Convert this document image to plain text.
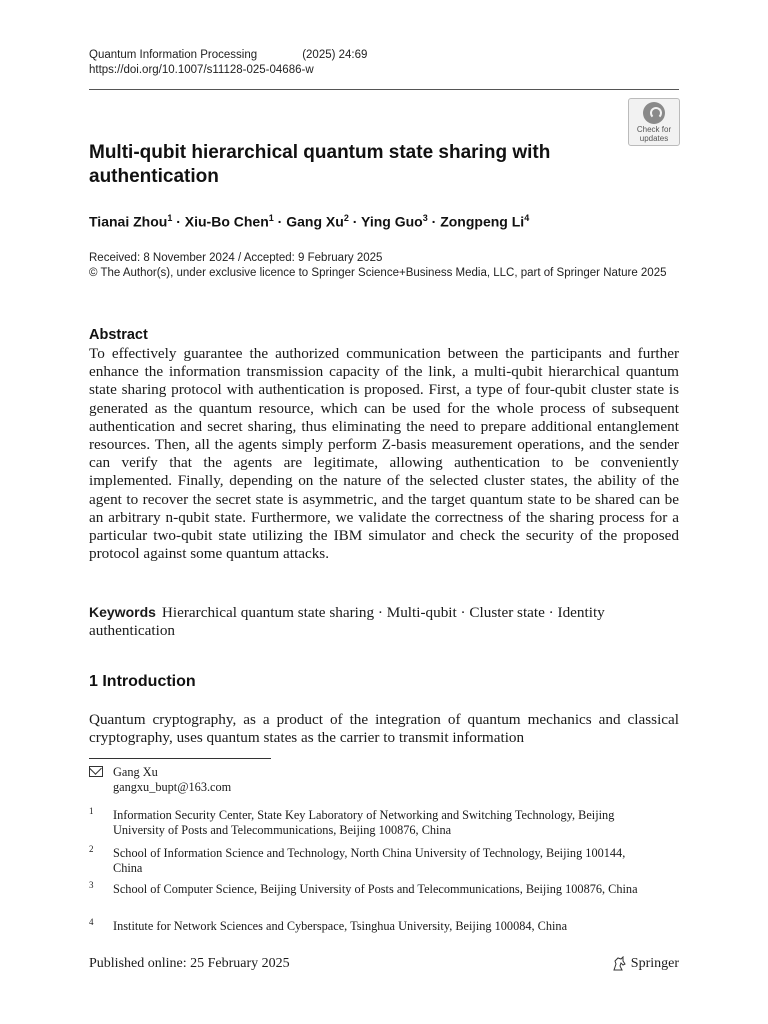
Quantum Information Processing	(2025) 24:69
https://doi.org/10.1007/s11128-025-04686-w
Check for
updates
Multi-qubit hierarchical quantum state sharing with authentication
Tianai Zhou$^1$ · Xiu-Bo Chen$^1$ · Gang $Xu^2$ · Ying Guo$^3$ · Zongpeng Li$^4$
Received: 8 November 2024 / Accepted: 9 February 2025
© The Author(s), under exclusive licence to Springer Science+Business Media, LLC, part of Springer Nature 2025
Abstract

To effectively guarantee the authorized communication between the participants and further enhance the information transmission capacity of the link, a multi-qubit hierarchical quantum state sharing protocol with authentication is proposed. First, a type of four-qubit cluster state is generated as the quantum resource, which can be used for the whole process of subsequent authentication and secret sharing, thus eliminating the need to prepare additional entanglement resources. Then, all the agents simply perform Z-basis measurement operations, and the sender can verify that the agents are legitimate, allowing authentication to be conveniently implemented. Finally, depending on the nature of the selected cluster states, the ability of the agent to recover the secret state is asymmetric, and the target quantum state to be shared can be an arbitrary n-qubit state. Furthermore, we validate the correctness of the sharing process for a particular two-qubit state utilizing the IBM simulator and check the security of the proposed protocol against some quantum attacks.

Keywords Hierarchical quantum state sharing · Multi-qubit · Cluster state · Identity authentication

1 Introduction

Quantum cryptography, as a product of the integration of quantum mechanics and classical cryptography, uses quantum states as the carrier to transmit information

Gang Xu
gangxu_bupt@163.com
1 Information Security Center, State Key Laboratory of Networking and Switching Technology, Beijing University of Posts and Telecommunications, Beijing 100876, China
2 School of Information Science and Technology, North China University of Technology, Beijing 100144, China
3 School of Computer Science, Beijing University of Posts and Telecommunications, Beijing 100876, China
4 Institute for Network Sciences and Cyberspace, Tsinghua University, Beijing 100084, China
Published online: 25 February 2025	Springer
